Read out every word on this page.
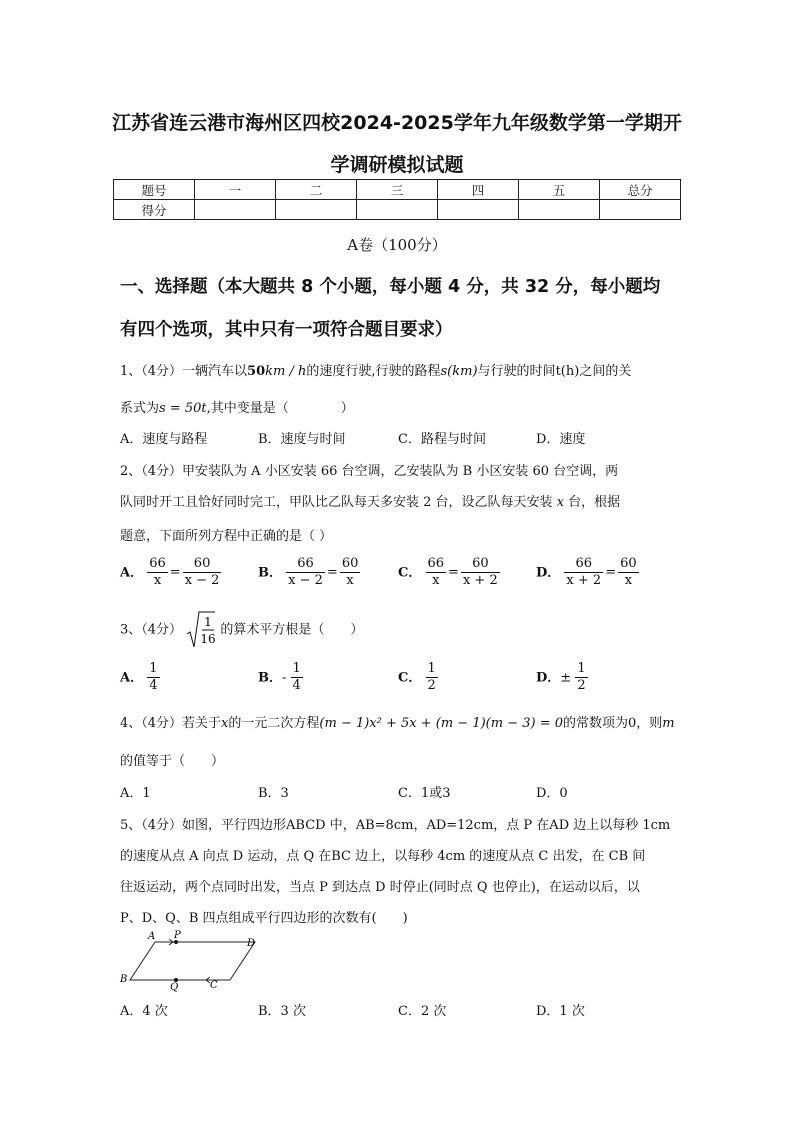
江苏省连云港市海州区四校2024-2025学年九年级数学第一学期开
学调研模拟试题
题号	一	二	三	四	五	总分
得分						
A卷（100分）
一、选择题（本大题共 8 个小题，每小题 4 分，共 32 分，每小题均
有四个选项，其中只有一项符合题目要求）
1、（4分）一辆汽车以50km / h的速度行驶,行驶的路程s(km)与行驶的时间t(h)之间的关
系式为s = 50t,其中变量是（　　　　）
A．速度与路程	B．速度与时间	C．路程与时间	D．速度
2、（4分）甲安装队为 A 小区安装 66 台空调，乙安装队为 B 小区安装 60 台空调，两
队同时开工且恰好同时完工，甲队比乙队每天多安装 2 台，设乙队每天安装 x 台，根据
题意，下面所列方程中正确的是（ ）
A． $\frac{66}{x} = \frac{60}{x - 2}$	B． $\frac{66}{x - 2} = \frac{60}{x}$	C． $\frac{66}{x} = \frac{60}{x + 2}$	D． $\frac{66}{x + 2} = \frac{60}{x}$
3、（4分）
1
16
的算术平方根是（　　）
A． $\frac{1}{4}$	B．- $\frac{1}{4}$	C． $\frac{1}{2}$	D．± $\frac{1}{2}$
4、（4分）若关于x的一元二次方程(m − 1)x² + 5x + (m − 1)(m − 3) = 0的常数项为0，则m
的值等于（　　）
A．1	B．3	C．1或3	D．0
5、（4分）如图，平行四边形ABCD 中，AB=8cm，AD=12cm，点 P 在AD 边上以每秒 1cm
的速度从点 A 向点 D 运动，点 Q 在BC 边上，以每秒 4cm 的速度从点 C 出发，在 CB 间
往返运动，两个点同时出发，当点 P 到达点 D 时停止(同时点 Q 也停止)，在运动以后，以
P、D、Q、B 四点组成平行四边形的次数有(　　)
A P
D
B
Q	C
A．4 次	B．3 次	C．2 次	D．1 次
